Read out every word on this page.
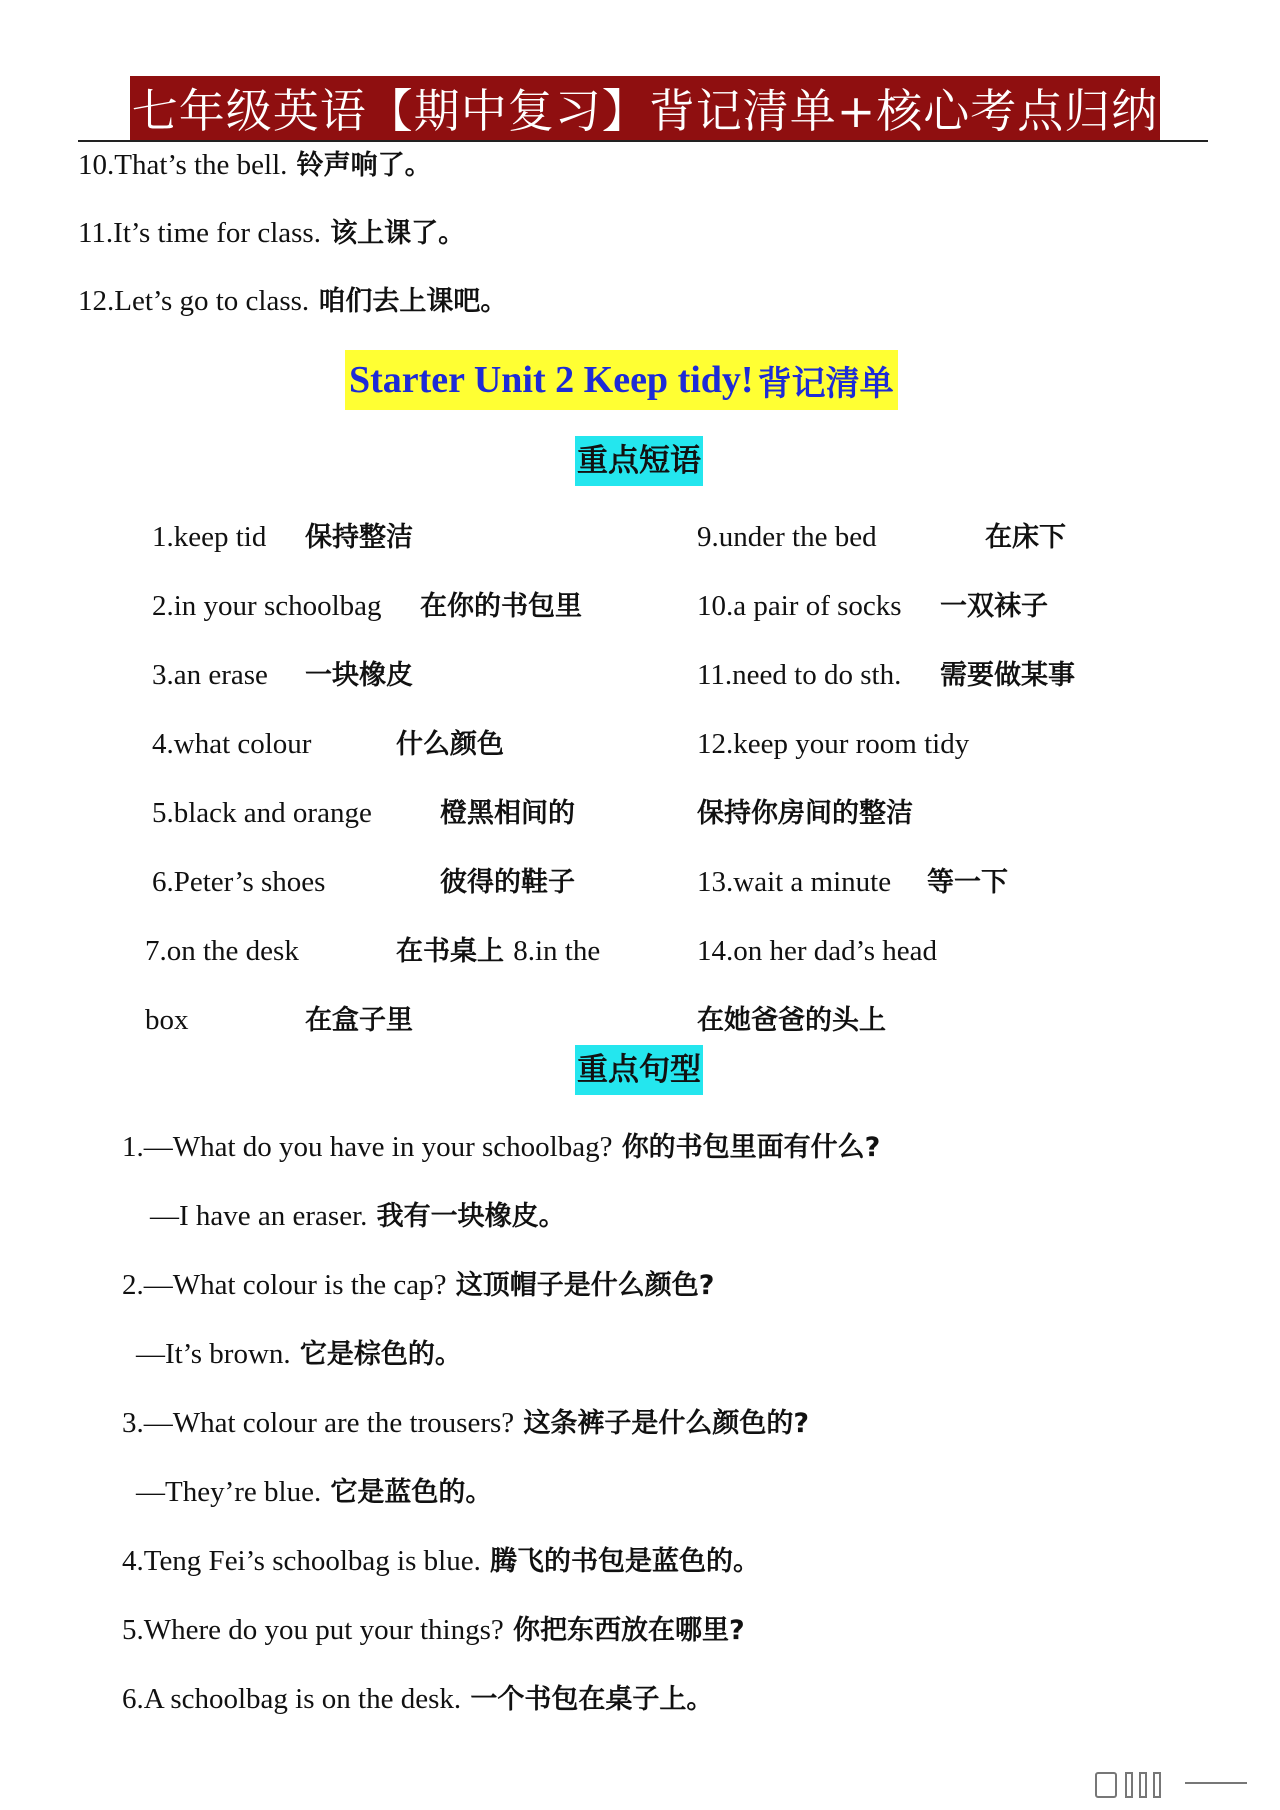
七年级英语【期中复习】背记清单+核心考点归纳
10.That’s the bell. 铃声响了。
11.It’s time for class. 该上课了。
12.Let’s go to class. 咱们去上课吧。
Starter Unit 2 Keep tidy! 背记清单
重点短语
1.keep tid 保持整洁
2.in your schoolbag 在你的书包里
3.an erase 一块橡皮
4.what colour	什么颜色
5.black and orange	橙黑相间的
6.Peter’s shoes	彼得的鞋子
7.on the desk	在书桌上 8.in the
box	在盒子里
9.under the bed	在床下
10.a pair of socks 一双袜子
11.need to do sth. 需要做某事
12.keep your room tidy
保持你房间的整洁
13.wait a minute 等一下
14.on her dad’s head
在她爸爸的头上
重点句型
1.—What do you have in your schoolbag? 你的书包里面有什么?
—I have an eraser. 我有一块橡皮。
2.—What colour is the cap? 这顶帽子是什么颜色?
—It’s brown. 它是棕色的。
3.—What colour are the trousers? 这条裤子是什么颜色的?
—They’re blue. 它是蓝色的。
4.Teng Fei’s schoolbag is blue. 腾飞的书包是蓝色的。
5.Where do you put your things? 你把东西放在哪里?
6.A schoolbag is on the desk. 一个书包在桌子上。
